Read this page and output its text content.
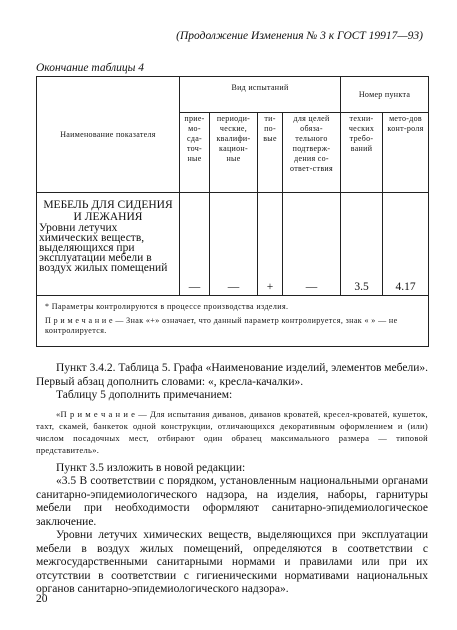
(Продолжение Изменения № 3 к ГОСТ 19917—93)
Окончание таблицы 4
Наименование показателя	Вид испытаний				Номер пункта	
	прие-мо-сда-точ-ные	периоди-ческие, квалифи-кацион-ные	ти-по-вые	для целей обяза-тельного подтверж-дения со-ответ-ствия	техни-ческих требо-ваний	мето-дов конт-роля

МЕБЕЛЬ ДЛЯ СИДЕНИЯ И ЛЕЖАНИЯ
Уровни летучих химических веществ, выделяющихся при эксплуатации мебели в воздух жилых помещений	—	—	+	—	3.5	4.17

* Параметры контролируются в процессе производства изделия.

П р и м е ч а н и е — Знак «+» означает, что данный параметр контролируется, знак « » — не контролируется.						

Пункт 3.4.2. Таблица 5. Графа «Наименование изделий, элементов мебели». Первый абзац дополнить словами: «, кресла-качалки».

Таблицу 5 дополнить примечанием:

«П р и м е ч а н и е — Для испытания диванов, диванов кроватей, кресел-кроватей, кушеток, тахт, скамей, банкеток одной конструкции, отличающихся декоративным оформлением и (или) числом посадочных мест, отбирают один образец максимального размера — типовой представитель».

Пункт 3.5 изложить в новой редакции:

«3.5 В соответствии с порядком, установленным национальными органами санитарно-эпидемиологического надзора, на изделия, наборы, гарнитуры мебели при необходимости оформляют санитарно-эпидемиологическое заключение.

Уровни летучих химических веществ, выделяющихся при эксплуатации мебели в воздух жилых помещений, определяются в соответствии с межгосударственными санитарными нормами и правилами или при их отсутствии в соответствии с гигиеническими нормативами национальных органов санитарно-эпидемиологического надзора».

20
